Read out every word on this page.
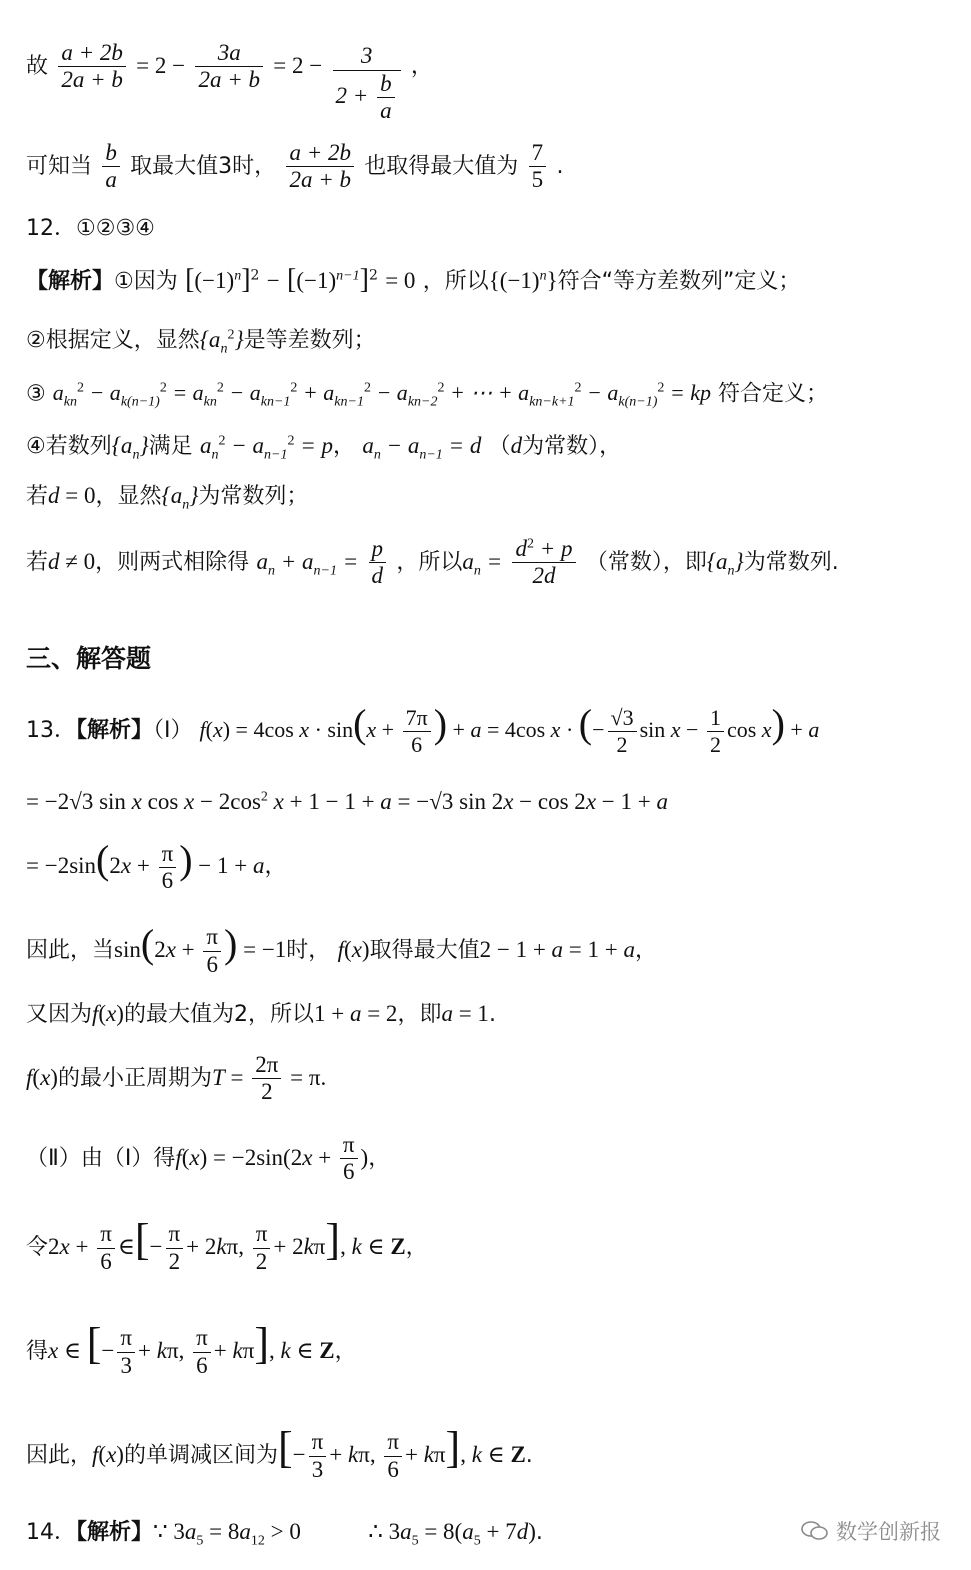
故 $\frac{a + 2b}{2a + b} = 2 - \frac{3a}{2a + b} = 2 - \frac{3}{2 + \frac{b}{a}}$ ，
可知当 $\frac{b}{a}$ 取最大值3时， $\frac{a + 2b}{2a + b}$ 也取得最大值为 $\frac{7}{5}$ .
12．①②③④
【解析】①因为 $[(-1)^n]^2 - [(-1)^{n-1}]^2 = 0$ ，所以$\{(-1)^n\}$符合“等方差数列”定义；
②根据定义，显然$\{a_n^2\}$是等差数列；
③ $a_{kn}^2 - a_{k(n-1)}^2 = a_{kn}^2 - a_{kn-1}^2 + a_{kn-1}^2 - a_{kn-2}^2$ + ⋯ + $a_{kn-k+1}^2 - a_{k(n-1)}^2$ = kp 符合定义；
④若数列$\{a_n\}$满足 $a_n^2 - a_{n-1}^2 = p$， $a_n - a_{n-1} = d$ （d为常数），
若d = 0，显然$\{a_n\}$为常数列；
若d ≠ 0，则两式相除得 $a_n + a_{n-1} = \frac{p}{d}$ ，所以$a_n = \frac{d^2 + p}{2d}$ （常数），即$\{a_n\}$为常数列.
三、解答题
13．【解析】（Ⅰ） f(x) = 4cos $x \cdot \sin(x + \frac{7\pi}{6}$ ) + a = 4cos x · (− $\frac{√3}{2}$ $\sin x - \frac{1}{2}$ cos x) + a
= −2√3 sin x $\cos x - 2\cos^2$ x + 1 − 1 + a = −√3 sin 2x − cos 2x − 1 + a
= $-2\sin(2x + \frac{\pi}{6}$ ) − 1 + a，
因此，当$\sin(2x + \frac{\pi}{6}$ ) = −1时， f(x)取得最大值2 − 1 + a = 1 + a，
又因为f(x)的最大值为2，所以1 + a = 2，即a = 1.
f(x)的最小正周期为$T = \frac{2\pi}{2} = \pi$.
（Ⅱ）由（Ⅰ）得$f(x) = -2\sin(2x + \frac{\pi}{6}$ )，
令$2x + \frac{\pi}{6}$ ∈[− $\frac{\pi}{2} + 2k\pi$, $\frac{\pi}{2} + 2k\pi$], k ∈ Z，
得x ∈ [− $\frac{\pi}{3} + k\pi$, $\frac{\pi}{6} + k\pi$], k ∈ Z，
因此，f(x)的单调减区间为[− $\frac{\pi}{3} + k\pi$, $\frac{\pi}{6} + k\pi$], k ∈ Z.
14．【解析】∵ $3a_5 = 8a_{12} > 0$	∴ $3a_5 = 8(a_5 + 7d)$.	数学创新报
